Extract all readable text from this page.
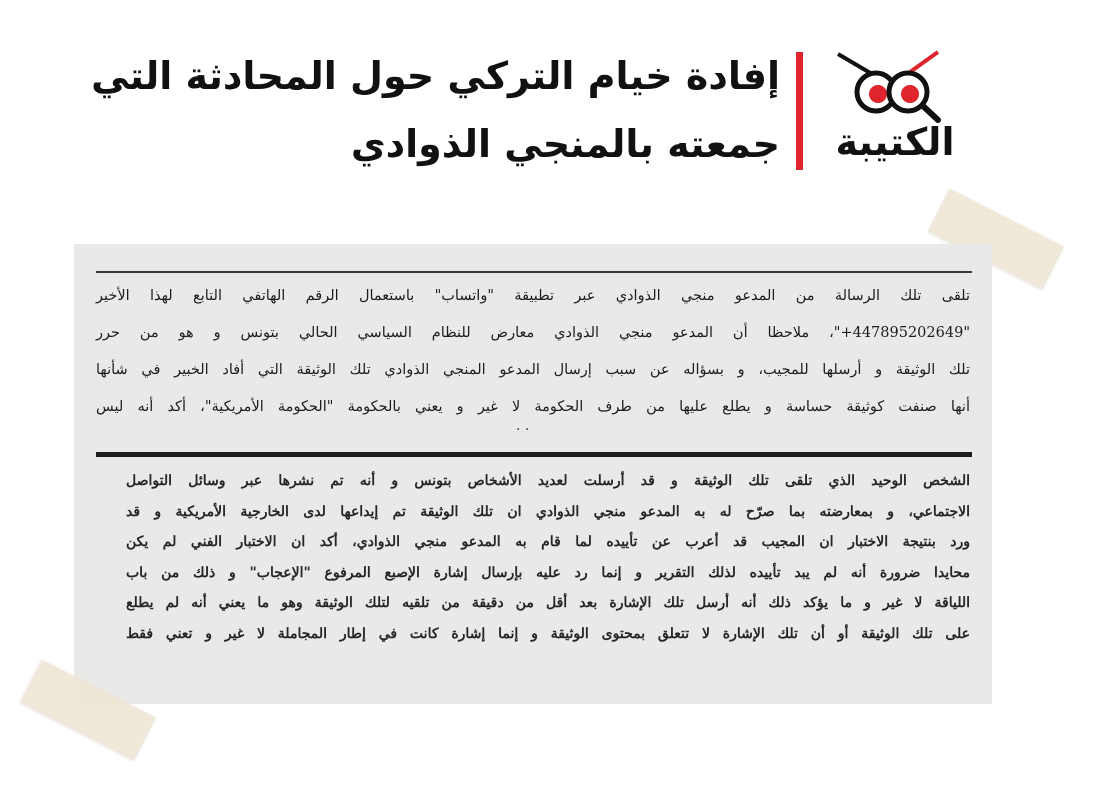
إفادة خيام التركي حول المحادثة التي
جمعته بالمنجي الذوادي	الكتيبة
تلقى تلك الرسالة من المدعو منجي الذوادي عبر تطبيقة "واتساب" باستعمال الرقم الهاتفي التابع لهذا الأخير
"447895202649+"، ملاحظا أن المدعو منجي الذوادي معارض للنظام السياسي الحالي بتونس و هو من حرر
تلك الوثيقة و أرسلها للمجيب، و بسؤاله عن سبب إرسال المدعو المنجي الذوادي تلك الوثيقة التي أفاد الخبير في شأنها
أنها صنفت كوثيقة حساسة و يطلع عليها من طرف الحكومة لا غير و يعني بالحكومة "الحكومة الأمريكية"، أكد أنه ليس
· ·
الشخص الوحيد الذي تلقى تلك الوثيقة و قد أرسلت لعديد الأشخاص بتونس و أنه تم نشرها عبر وسائل التواصل
الاجتماعي، و بمعارضته بما صرّح له به المدعو منجي الذوادي ان تلك الوثيقة تم إيداعها لدى الخارجية الأمريكية و قد
ورد بنتيجة الاختبار ان المجيب قد أعرب عن تأييده لما قام به المدعو منجي الذوادي، أكد ان الاختبار الفني لم يكن
محايدا ضرورة أنه لم يبد تأييده لذلك التقرير و إنما رد عليه بإرسال إشارة الإصبع المرفوع "الإعجاب" و ذلك من باب
اللياقة لا غير و ما يؤكد ذلك أنه أرسل تلك الإشارة بعد أقل من دقيقة من تلقيه لتلك الوثيقة وهو ما يعني أنه لم يطلع
على تلك الوثيقة أو أن تلك الإشارة لا تتعلق بمحتوى الوثيقة و إنما إشارة كانت في إطار المجاملة لا غير و تعني فقط
